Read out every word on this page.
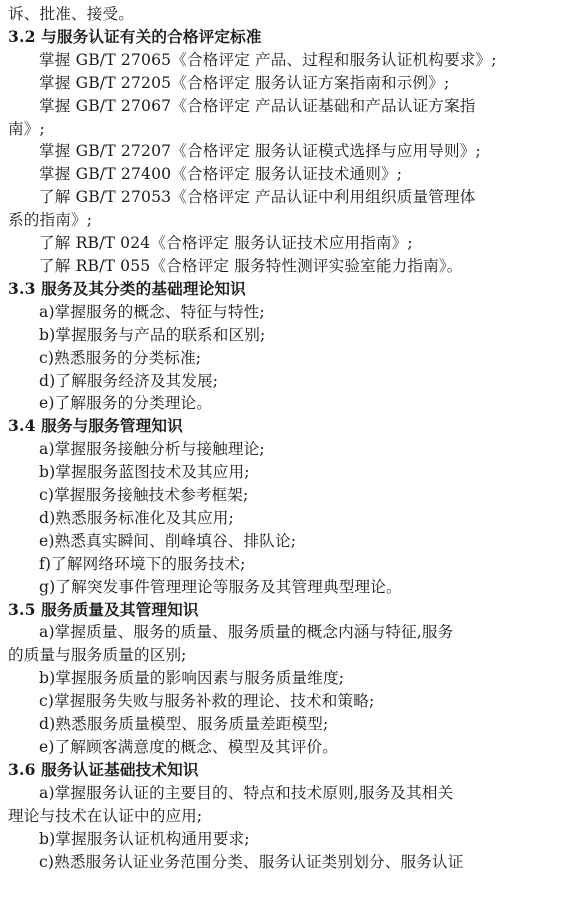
诉、批准、接受。
3.2 与服务认证有关的合格评定标准
掌握 GB/T 27065《合格评定 产品、过程和服务认证机构要求》;
掌握 GB/T 27205《合格评定 服务认证方案指南和示例》;
掌握 GB/T 27067《合格评定 产品认证基础和产品认证方案指
南》;
掌握 GB/T 27207《合格评定 服务认证模式选择与应用导则》;
掌握 GB/T 27400《合格评定 服务认证技术通则》;
了解 GB/T 27053《合格评定 产品认证中利用组织质量管理体
系的指南》;
了解 RB/T 024《合格评定 服务认证技术应用指南》;
了解 RB/T 055《合格评定 服务特性测评实验室能力指南》。
3.3 服务及其分类的基础理论知识
a)掌握服务的概念、特征与特性;
b)掌握服务与产品的联系和区别;
c)熟悉服务的分类标准;
d)了解服务经济及其发展;
e)了解服务的分类理论。
3.4 服务与服务管理知识
a)掌握服务接触分析与接触理论;
b)掌握服务蓝图技术及其应用;
c)掌握服务接触技术参考框架;
d)熟悉服务标准化及其应用;
e)熟悉真实瞬间、削峰填谷、排队论;
f)了解网络环境下的服务技术;
g)了解突发事件管理理论等服务及其管理典型理论。
3.5 服务质量及其管理知识
a)掌握质量、服务的质量、服务质量的概念内涵与特征,服务
的质量与服务质量的区别;
b)掌握服务质量的影响因素与服务质量维度;
c)掌握服务失败与服务补救的理论、技术和策略;
d)熟悉服务质量模型、服务质量差距模型;
e)了解顾客满意度的概念、模型及其评价。
3.6 服务认证基础技术知识
a)掌握服务认证的主要目的、特点和技术原则,服务及其相关
理论与技术在认证中的应用;
b)掌握服务认证机构通用要求;
c)熟悉服务认证业务范围分类、服务认证类别划分、服务认证
